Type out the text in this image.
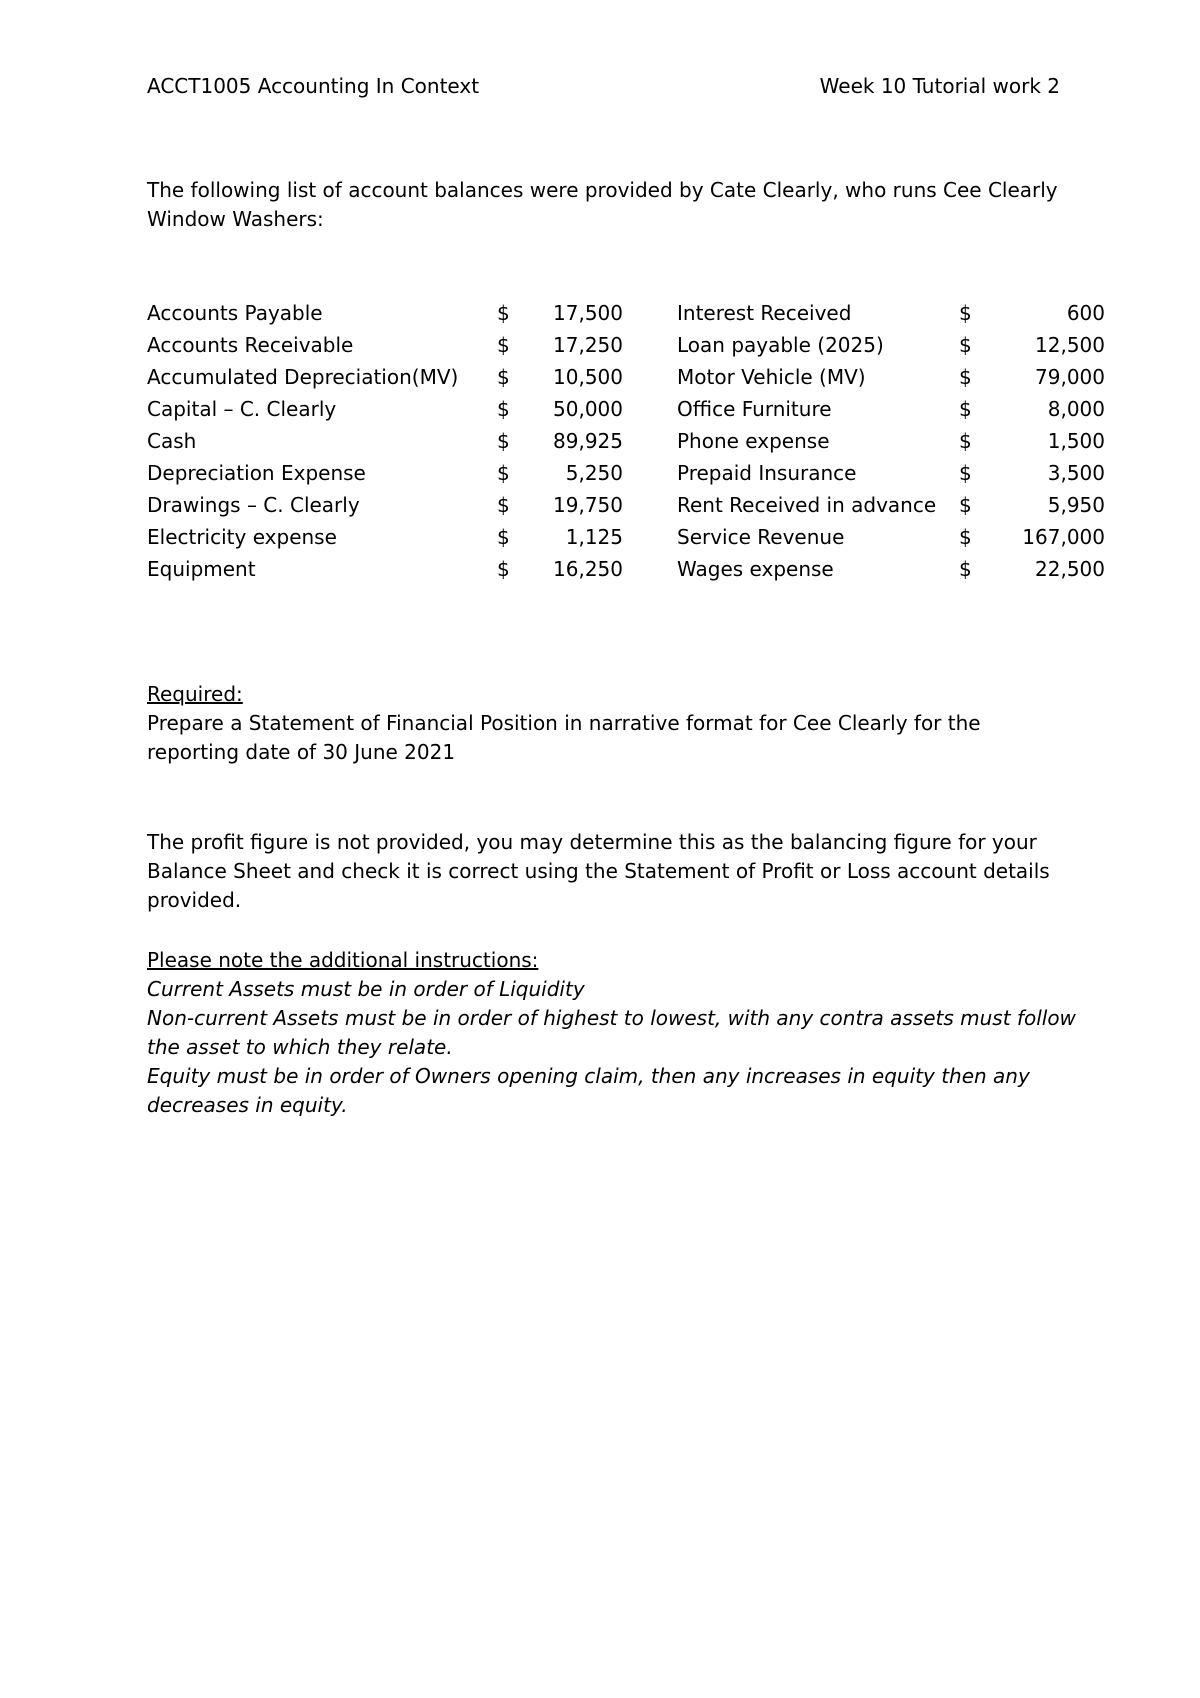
ACCT1005 Accounting In Context	Week 10 Tutorial work 2
The following list of account balances were provided by Cate Clearly, who runs Cee Clearly Window Washers:
Accounts Payable	$	17,500	Interest Received	$	600
Accounts Receivable	$	17,250	Loan payable (2025)	$	12,500
Accumulated Depreciation(MV) $	10,500	Motor Vehicle (MV)	$	79,000
Capital – C. Clearly	$	50,000	Office Furniture	$	8,000
Cash	$	89,925	Phone expense	$	1,500
Depreciation Expense	$	5,250	Prepaid Insurance	$	3,500
Drawings – C. Clearly	$	19,750	Rent Received in advance $	5,950
Electricity expense	$	1,125	Service Revenue	$	167,000
Equipment	$	16,250	Wages expense	$	22,500
Required:
Prepare a Statement of Financial Position in narrative format for Cee Clearly for the
reporting date of 30 June 2021
The profit figure is not provided, you may determine this as the balancing figure for your
Balance Sheet and check it is correct using the Statement of Profit or Loss account details
provided.
Please note the additional instructions:
Current Assets must be in order of Liquidity
Non-current Assets must be in order of highest to lowest, with any contra assets must follow
the asset to which they relate.
Equity must be in order of Owners opening claim, then any increases in equity then any
decreases in equity.
